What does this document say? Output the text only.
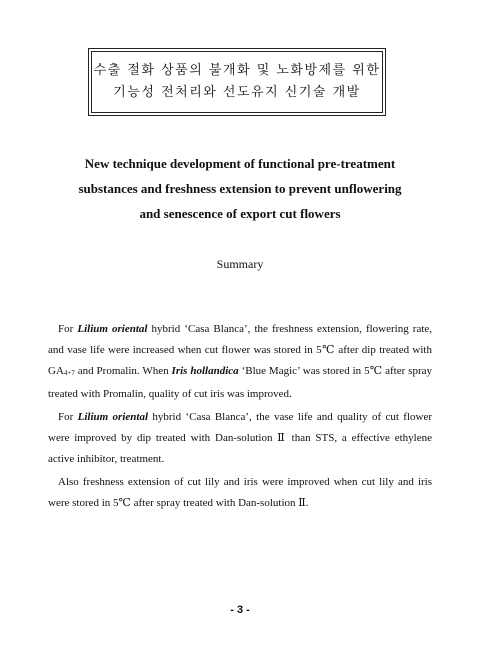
수출 절화 상품의 불개화 및 노화방제를 위한
기능성 전처리와 선도유지 신기술 개발
New technique development of functional pre-treatment
substances and freshness extension to prevent unflowering
and senescence of export cut flowers
Summary

For Lilium oriental hybrid ‘Casa Blanca’, the freshness extension, flowering rate, and vase life were increased when cut flower was stored in 5℃ after dip treated with $GA_{4+7}$ and Promalin. When Iris hollandica ‘Blue Magic’ was stored in 5℃ after spray treated with Promalin, quality of cut iris was improved.

For Lilium oriental hybrid ‘Casa Blanca’, the vase life and quality of cut flower were improved by dip treated with Dan-solution Ⅱ than STS, a effective ethylene active inhibitor, treatment.

Also freshness extension of cut lily and iris were improved when cut lily and iris were stored in 5℃ after spray treated with Dan-solution Ⅱ.

- 3 -
